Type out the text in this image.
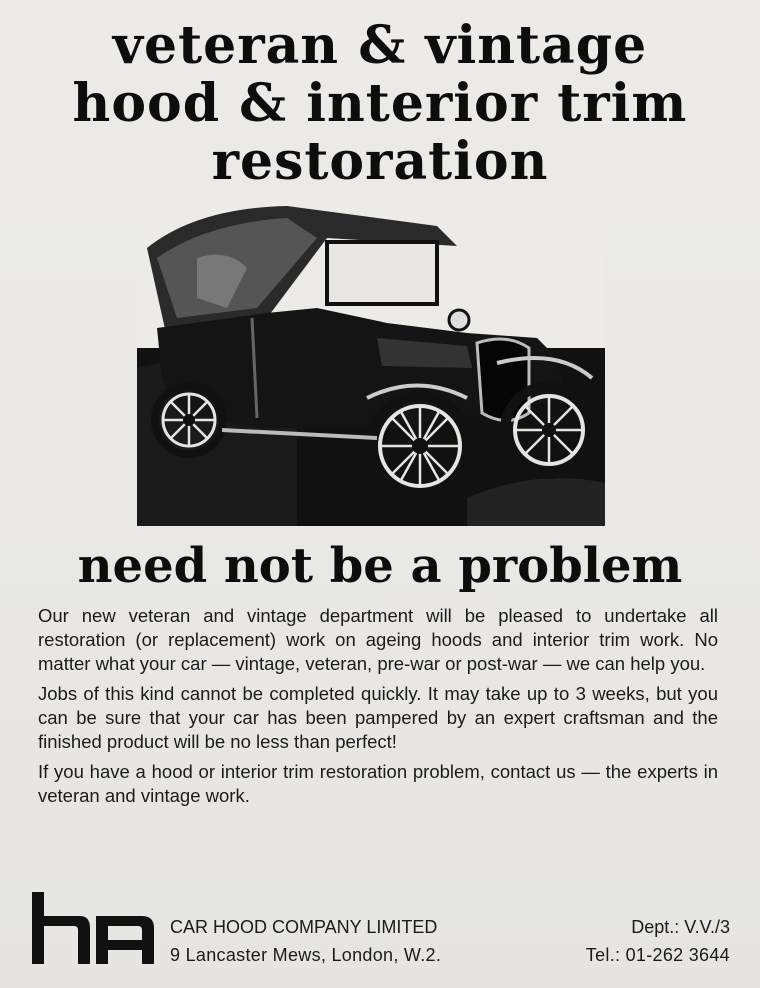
veteran & vintage
hood & interior trim
restoration
need not be a problem

Our new veteran and vintage department will be pleased to undertake all restoration (or replacement) work on ageing hoods and interior trim work. No matter what your car — vintage, veteran, pre-war or post-war — we can help you.

Jobs of this kind cannot be completed quickly. It may take up to 3 weeks, but you can be sure that your car has been pampered by an expert craftsman and the finished product will be no less than perfect!

If you have a hood or interior trim restoration problem, contact us — the experts in veteran and vintage work.

CAR HOOD COMPANY LIMITED	Dept.: V.V./3
9 Lancaster Mews, London, W.2.	Tel.: 01-262 3644
